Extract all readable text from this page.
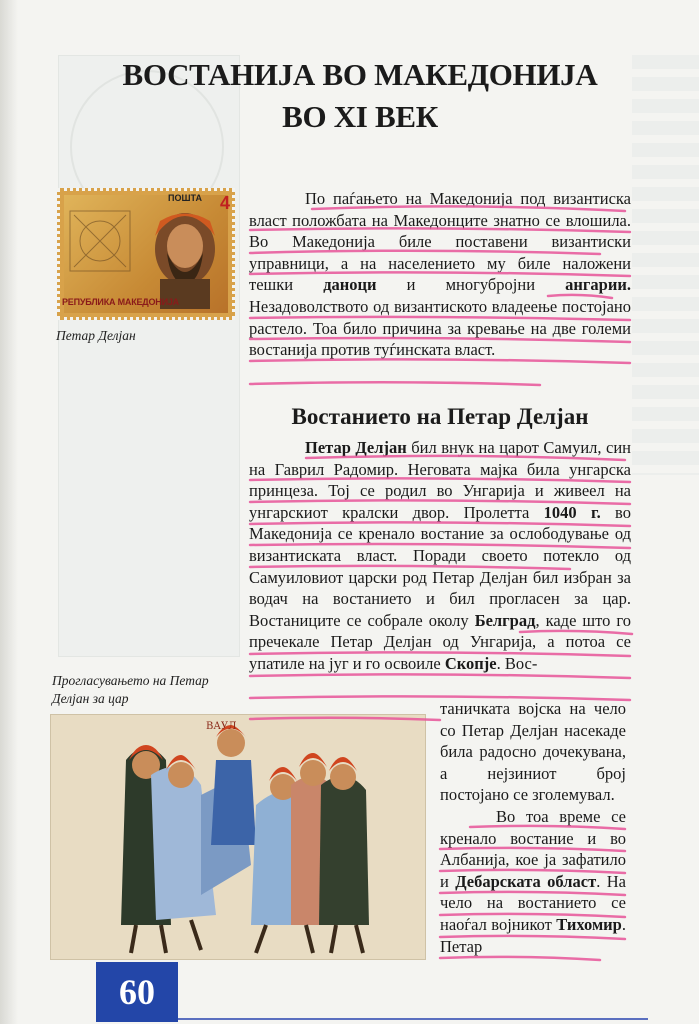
ВОСТАНИЈА ВО МАКЕДОНИЈА
ВО XI ВЕК
ПОШТА 4
РЕПУБЛИКА МАКЕДОНИЈА
Петар Делјан
По паѓањето на Македонија под византиска власт положбата на Македонците знатно се влошила. Во Македонија биле поставени византиски управници, а на населението му биле наложени тешки даноци и многубројни ангарии. Незадоволството од византиското владеење постојано растело. Тоа било причина за кревање на две големи востанија против туѓинската власт.
Востанието на Петар Делјан
Петар Делјан бил внук на царот Самуил, син на Гаврил Радомир. Неговата мајка била унгарска принцеза. Тој се родил во Унгарија и живеел на унгарскиот кралски двор. Пролетта 1040 г. во Македонија се кренало востание за ослободување од византиската власт. Поради своето потекло од Самуиловиот царски род Петар Делјан бил избран за водач на востанието и бил прогласен за цар. Востаниците се собрале околу Белград, каде што го пречекале Петар Делјан од Унгарија, а потоа се упатиле на југ и го освоиле Скопје. Вос-
таничката војска на чело со Петар Делјан насекаде била радосно дочекувана, а нејзиниот број постојано се зголемувал.
Во тоа време се кренало востание и во Албанија, кое ја зафатило и Дебарската област. На чело на востанието се наоѓал војникот Тихомир. Петар
Прогласувањето на Петар Делјан за цар
ВАУЛ
60
